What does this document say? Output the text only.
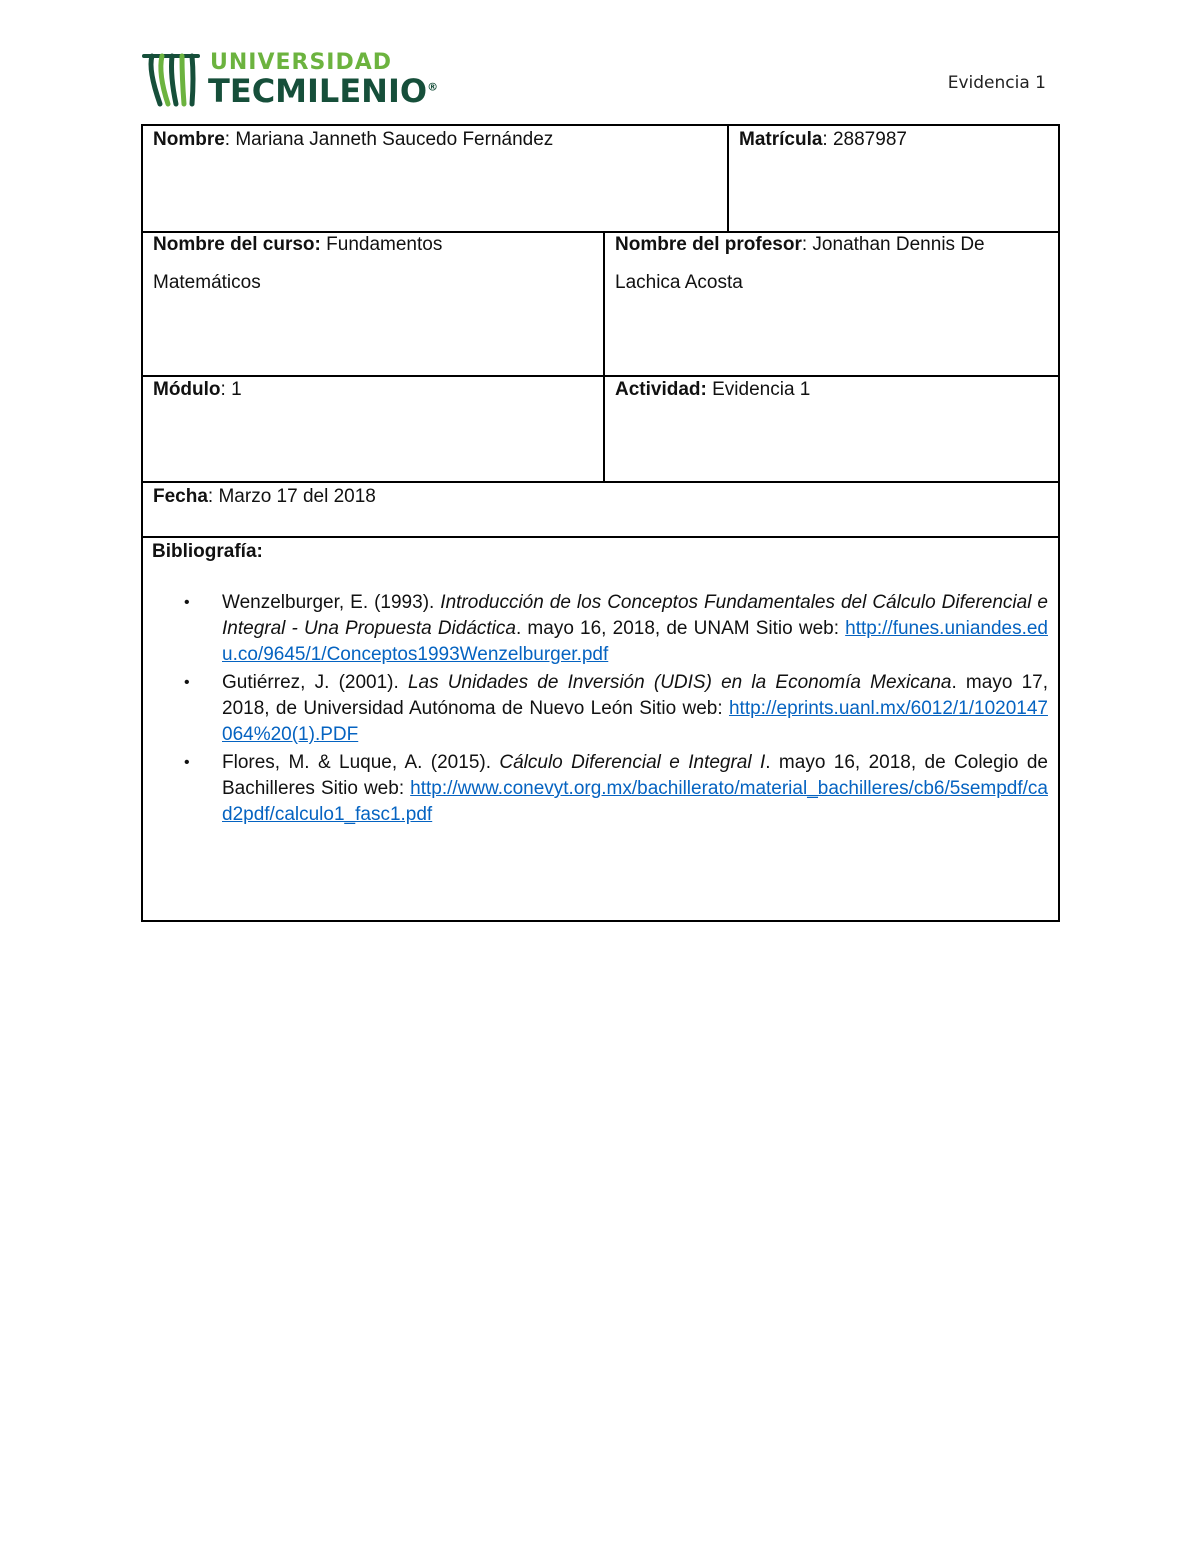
UNIVERSIDAD
TECMILENIO®	Evidencia 1
Nombre: Mariana Janneth Saucedo Fernández	Matrícula: 2887987
Nombre del curso: Fundamentos
Matemáticos
Nombre del profesor: Jonathan Dennis De
Lachica Acosta
Módulo: 1	Actividad: Evidencia 1
Fecha: Marzo 17 del 2018
Bibliografía:
• Wenzelburger, E. (1993). Introducción de los Conceptos Fundamentales del Cálculo Diferencial e Integral - Una Propuesta Didáctica. mayo 16, 2018, de UNAM Sitio web: http://funes.uniandes.edu.co/9645/1/Conceptos1993Wenzelburger.pdf
• Gutiérrez, J. (2001). Las Unidades de Inversión (UDIS) en la Economía Mexicana. mayo 17, 2018, de Universidad Autónoma de Nuevo León Sitio web: http://eprints.uanl.mx/6012/1/1020147064%20(1).PDF
• Flores, M. & Luque, A. (2015). Cálculo Diferencial e Integral I. mayo 16, 2018, de Colegio de Bachilleres Sitio web: http://www.conevyt.org.mx/bachillerato/material_bachilleres/cb6/5sempdf/cad2pdf/calculo1_fasc1.pdf
